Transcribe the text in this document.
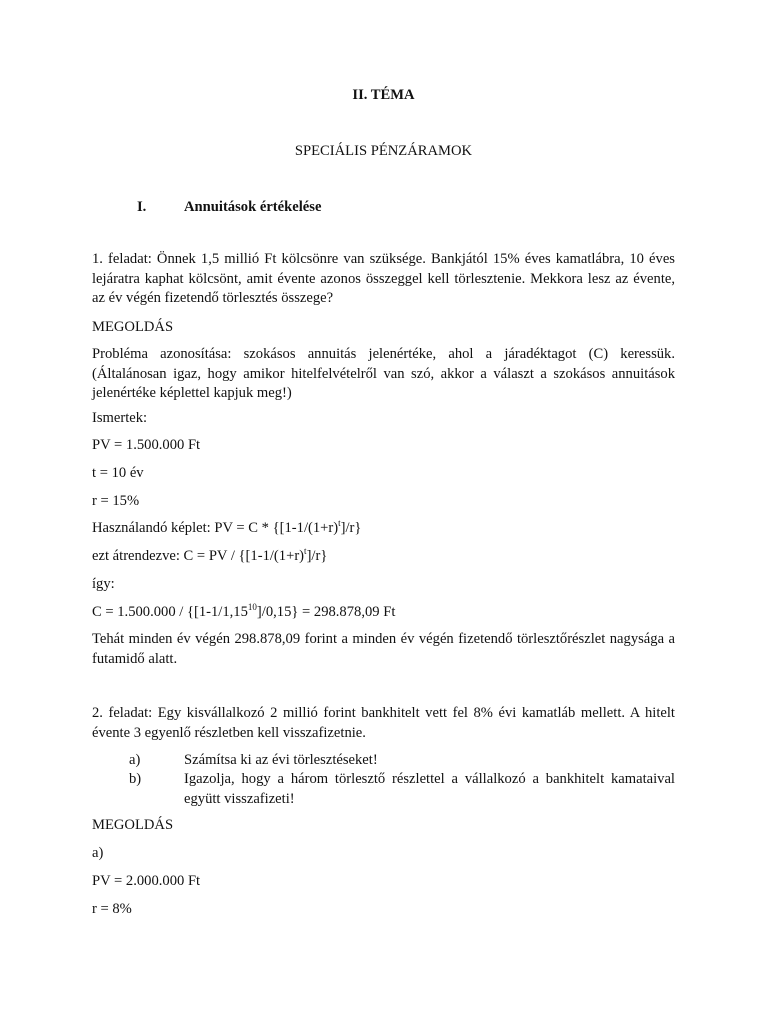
II. TÉMA
SPECIÁLIS PÉNZÁRAMOK
I.	Annuitások értékelése
1. feladat: Önnek 1,5 millió Ft kölcsönre van szüksége. Bankjától 15% éves kamatlábra, 10 éves lejáratra kaphat kölcsönt, amit évente azonos összeggel kell törlesztenie. Mekkora lesz az évente, az év végén fizetendő törlesztés összege?
MEGOLDÁS
Probléma azonosítása: szokásos annuitás jelenértéke, ahol a járadéktagot (C) keressük. (Általánosan igaz, hogy amikor hitelfelvételről van szó, akkor a választ a szokásos annuitások jelenértéke képlettel kapjuk meg!)
Ismertek:
PV = 1.500.000 Ft
t = 10 év
r = 15%
Használandó képlet: PV = $C * \{[1-1/(1+r)^t]/r\}$
ezt átrendezve: C = PV / $\{[1-1/(1+r)^t]/r\}$
így:
$C = 1.500.000 / \{[1-1/1,15^{10}]/0,15\} = 298.878,09$ Ft
Tehát minden év végén 298.878,09 forint a minden év végén fizetendő törlesztőrészlet nagysága a futamidő alatt.
2. feladat: Egy kisvállalkozó 2 millió forint bankhitelt vett fel 8% évi kamatláb mellett. A hitelt évente 3 egyenlő részletben kell visszafizetnie.
a)	Számítsa ki az évi törlesztéseket!
b)	Igazolja, hogy a három törlesztő részlettel a vállalkozó a bankhitelt kamataival együtt visszafizeti!
MEGOLDÁS
a)
PV = 2.000.000 Ft
r = 8%
